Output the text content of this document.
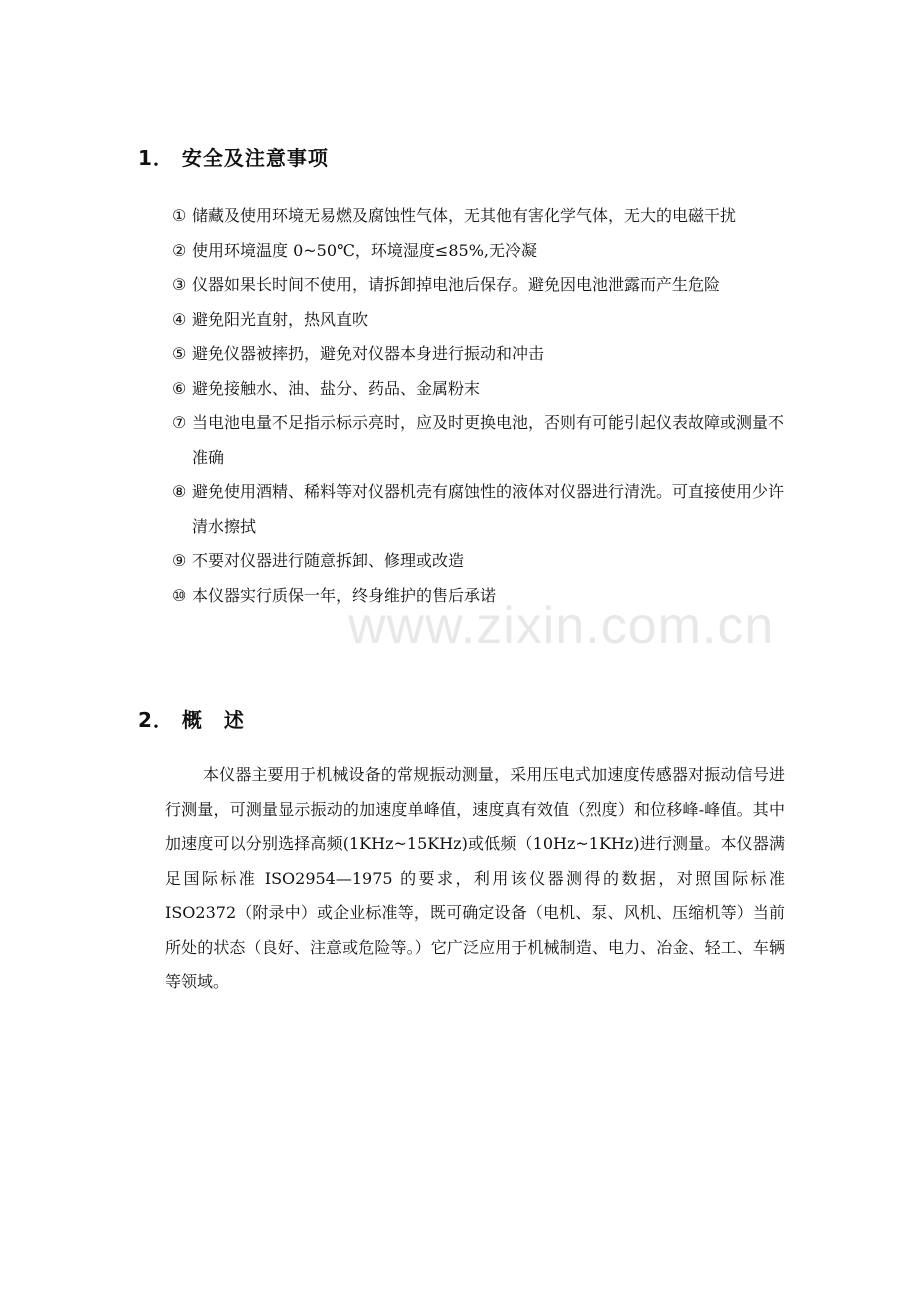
1． 安全及注意事项
① 储藏及使用环境无易燃及腐蚀性气体，无其他有害化学气体，无大的电磁干扰
② 使用环境温度 0~50℃，环境湿度≤85%,无冷凝
③ 仪器如果长时间不使用，请拆卸掉电池后保存。避免因电池泄露而产生危险
④ 避免阳光直射，热风直吹
⑤ 避免仪器被摔扔，避免对仪器本身进行振动和冲击
⑥ 避免接触水、油、盐分、药品、金属粉末
⑦ 当电池电量不足指示标示亮时，应及时更换电池，否则有可能引起仪表故障或测量不准确
⑧ 避免使用酒精、稀料等对仪器机壳有腐蚀性的液体对仪器进行清洗。可直接使用少许清水擦拭
⑨ 不要对仪器进行随意拆卸、修理或改造
⑩ 本仪器实行质保一年，终身维护的售后承诺
www.zixin.com.cn
2． 概　述

本仪器主要用于机械设备的常规振动测量，采用压电式加速度传感器对振动信号进行测量，可测量显示振动的加速度单峰值，速度真有效值（烈度）和位移峰-峰值。其中加速度可以分别选择高频(1KHz~15KHz)或低频（10Hz~1KHz)进行测量。本仪器满足国际标准 ISO2954—1975 的要求，利用该仪器测得的数据，对照国际标准 ISO2372（附录中）或企业标准等，既可确定设备（电机、泵、风机、压缩机等）当前所处的状态（良好、注意或危险等。）它广泛应用于机械制造、电力、冶金、轻工、车辆等领域。
